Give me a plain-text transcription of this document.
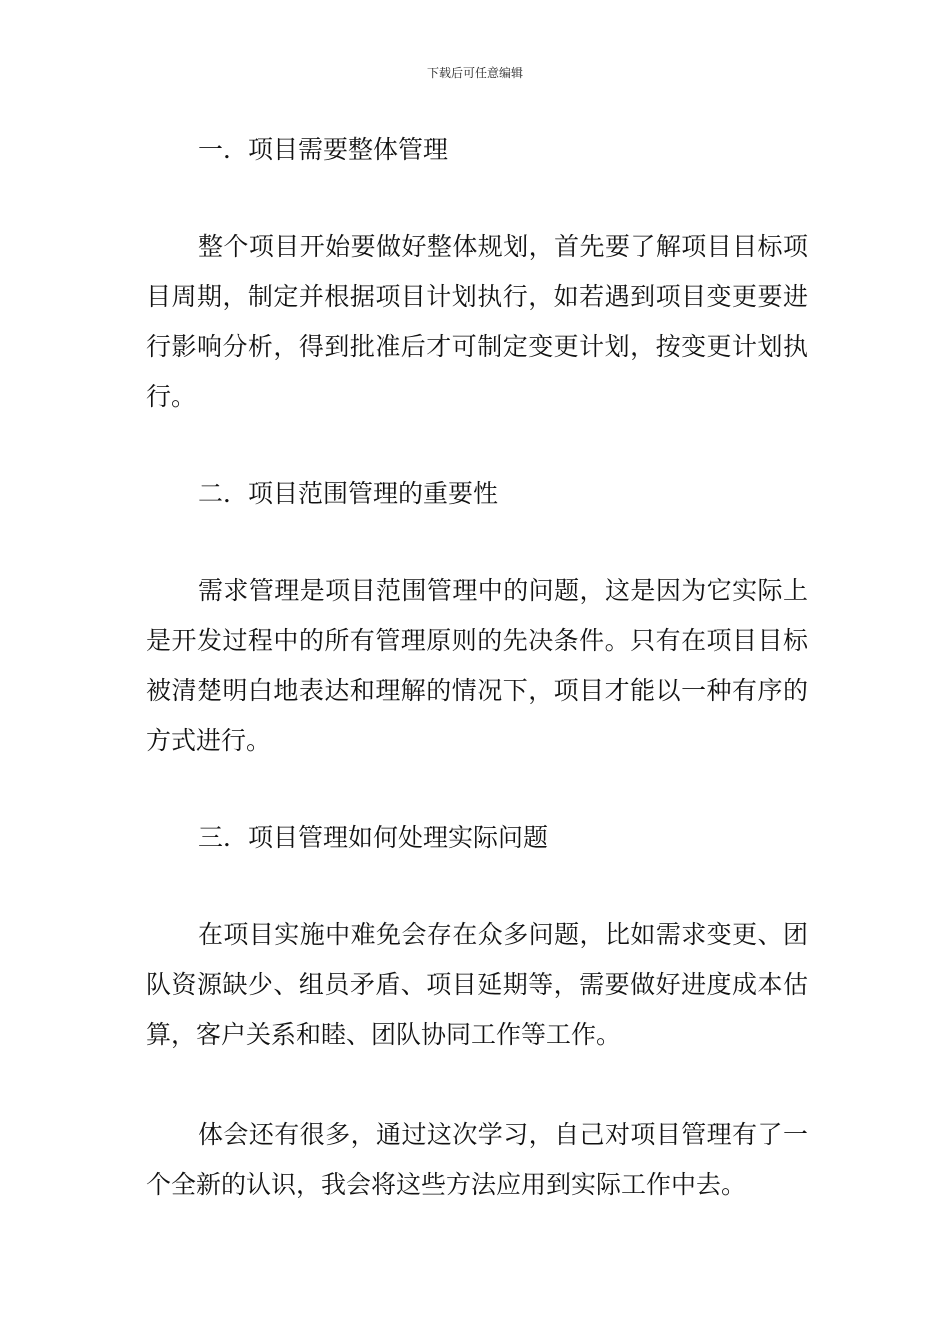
下载后可任意编辑
一．项目需要整体管理

整个项目开始要做好整体规划，首先要了解项目目标项目周期，制定并根据项目计划执行，如若遇到项目变更要进行影响分析，得到批准后才可制定变更计划，按变更计划执行。

二．项目范围管理的重要性

需求管理是项目范围管理中的问题，这是因为它实际上是开发过程中的所有管理原则的先决条件。只有在项目目标被清楚明白地表达和理解的情况下，项目才能以一种有序的方式进行。

三．项目管理如何处理实际问题

在项目实施中难免会存在众多问题，比如需求变更、团队资源缺少、组员矛盾、项目延期等，需要做好进度成本估算，客户关系和睦、团队协同工作等工作。

体会还有很多，通过这次学习，自己对项目管理有了一个全新的认识，我会将这些方法应用到实际工作中去。
